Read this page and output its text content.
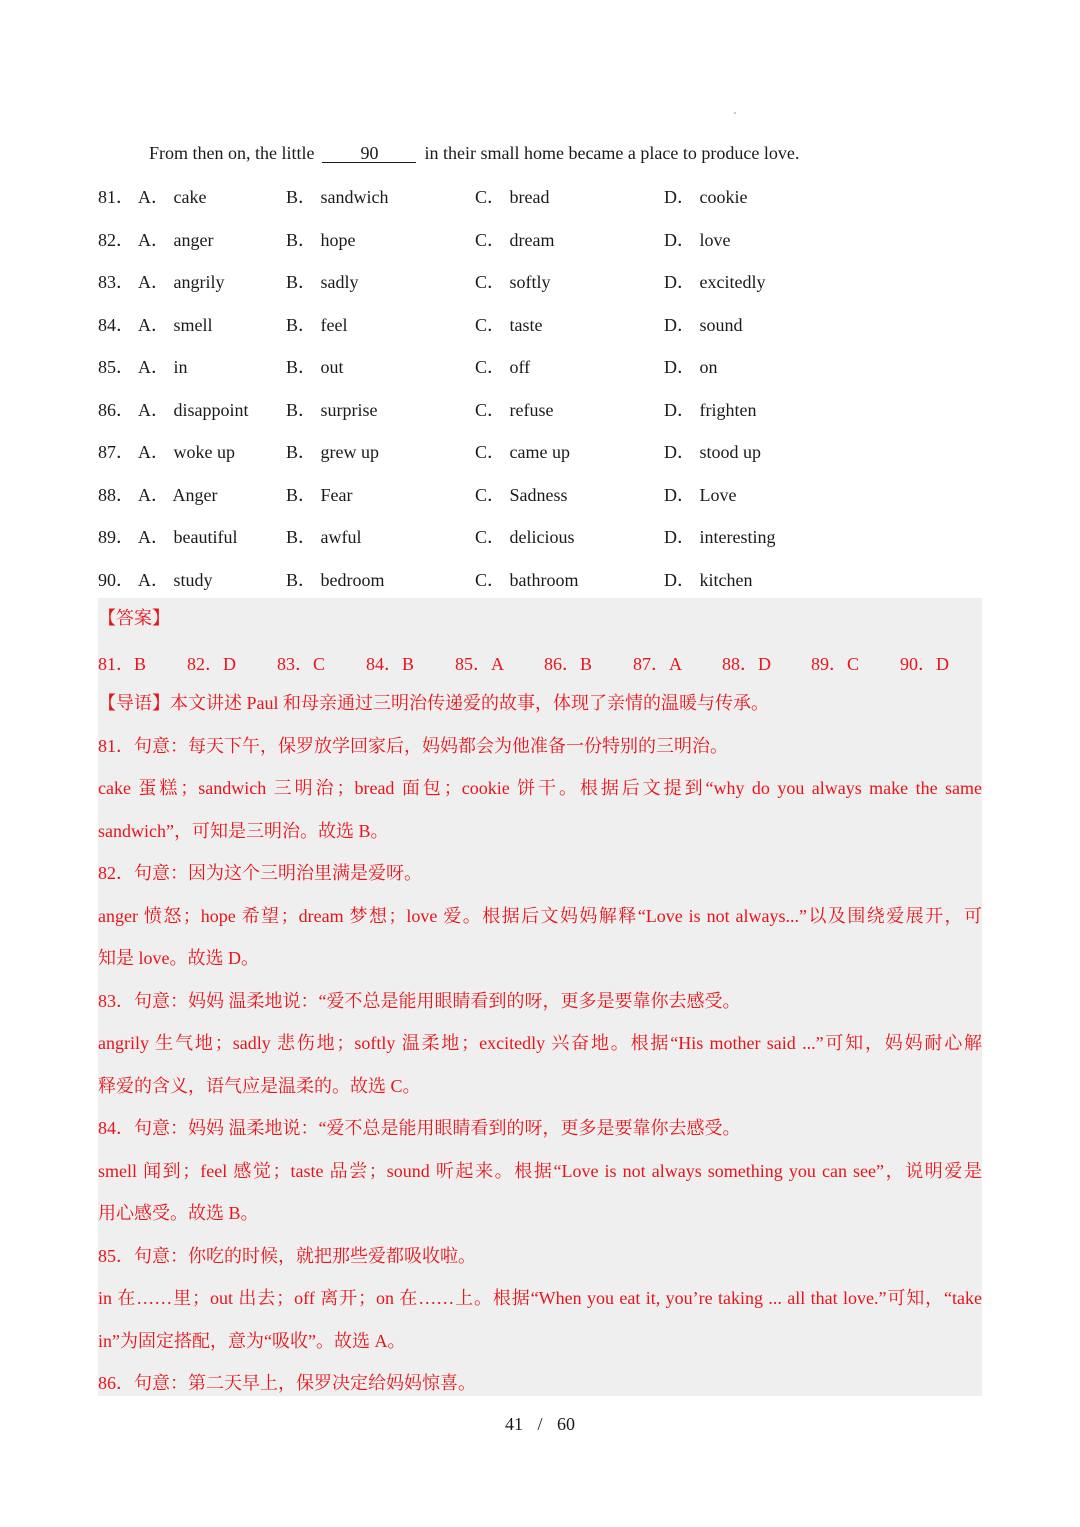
From then on, the little	90	in their small home became a place to produce love.
81． A． cake	B． sandwich	C． bread	D． cookie
82． A． anger	B． hope	C． dream	D． love
83． A． angrily	B． sadly	C． softly	D． excitedly
84． A． smell	B． feel	C． taste	D． sound
85． A． in	B． out	C． off	D． on
86． A． disappoint B． surprise	C． refuse	D． frighten
87． A． woke up	B． grew up	C． came up	D． stood up
88． A． Anger	B． Fear	C． Sadness	D． Love
89． A． beautiful	B． awful	C． delicious	D． interesting
90． A． study	B． bedroom	C． bathroom	D． kitchen
【答案】
81．B 82．D 83．C 84．B 85．A 86．B 87．A 88．D 89．C 90．D
【导语】本文讲述 Paul 和母亲通过三明治传递爱的故事，体现了亲情的温暖与传承。
81．句意：每天下午，保罗放学回家后，妈妈都会为他准备一份特别的三明治。
cake 蛋糕；sandwich 三明治；bread 面包；cookie 饼干。根据后文提到“why do you always make the same
sandwich”，可知是三明治。故选 B。
82．句意：因为这个三明治里满是爱呀。
anger 愤怒；hope 希望；dream 梦想；love 爱。根据后文妈妈解释“Love is not always...”以及围绕爱展开，可
知是 love。故选 D。
83．句意：妈妈 温柔地说：“爱不总是能用眼睛看到的呀，更多是要靠你去感受。
angrily 生气地；sadly 悲伤地；softly 温柔地；excitedly 兴奋地。根据“His mother said ...”可知，妈妈耐心解
释爱的含义，语气应是温柔的。故选 C。
84．句意：妈妈 温柔地说：“爱不总是能用眼睛看到的呀，更多是要靠你去感受。
smell 闻到；feel 感觉；taste 品尝；sound 听起来。根据“Love is not always something you can see”，说明爱是
用心感受。故选 B。
85．句意：你吃的时候，就把那些爱都吸收啦。
in 在……里；out 出去；off 离开；on 在……上。根据“When you eat it, you’re taking ... all that love.”可知，“take
in”为固定搭配，意为“吸收”。故选 A。
86．句意：第二天早上，保罗决定给妈妈惊喜。
41 / 60
